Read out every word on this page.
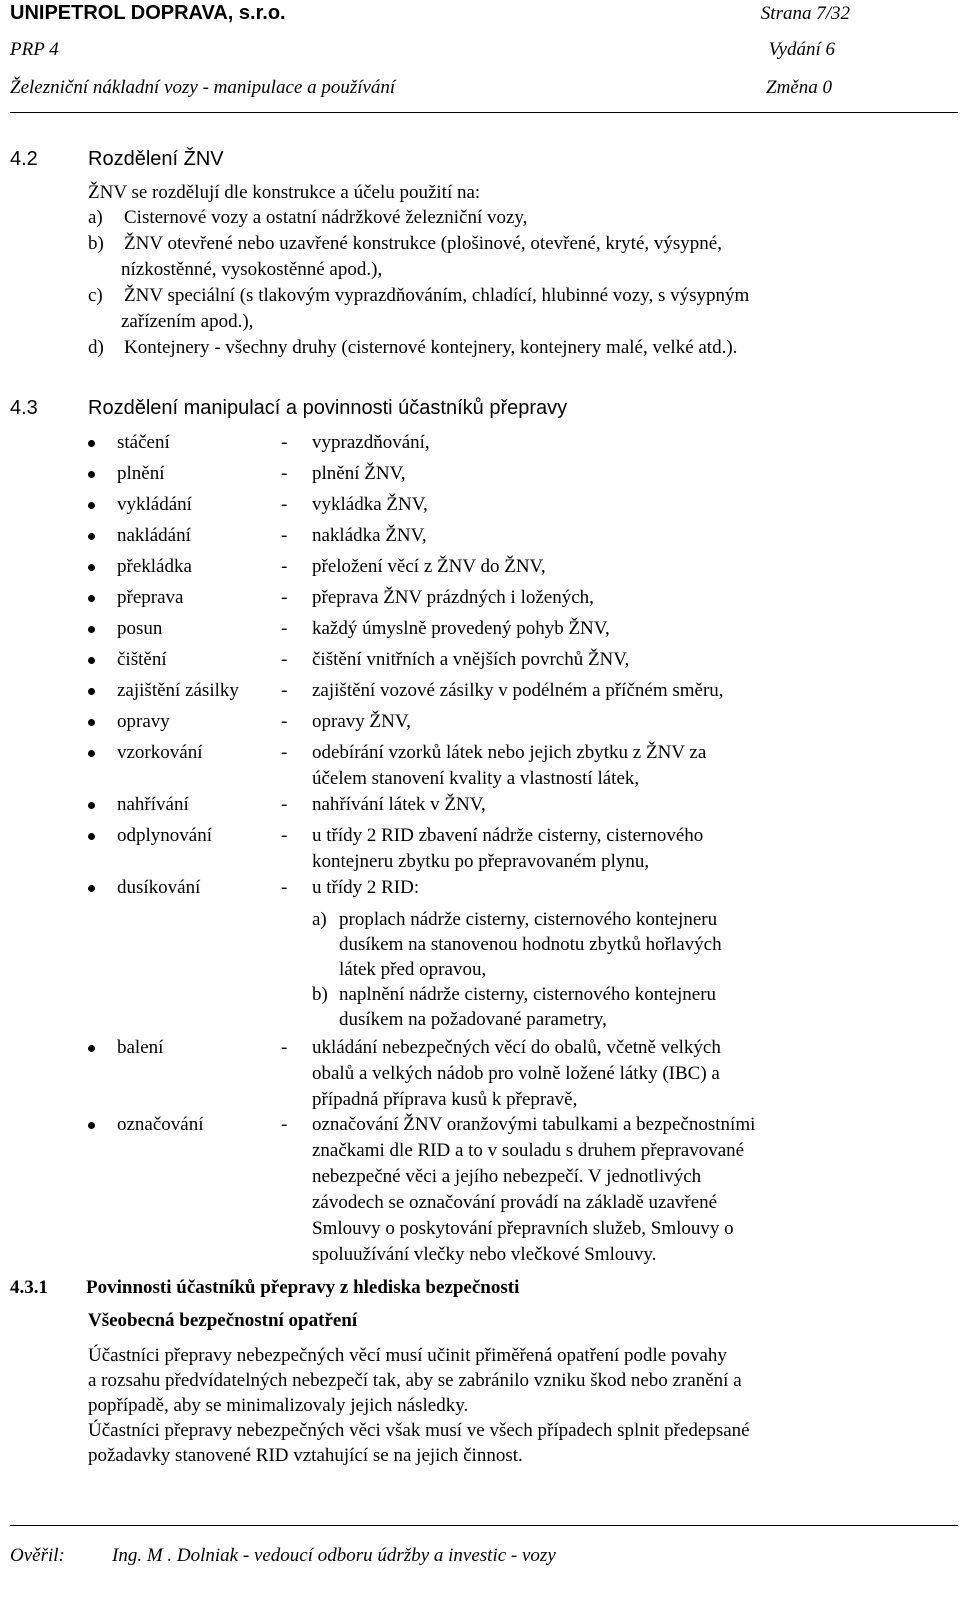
UNIPETROL DOPRAVA, s.r.o.	Strana 7/32
PRP 4	Vydání 6
Železniční nákladní vozy - manipulace a používání	Změna 0
4.2	Rozdělení ŽNV
ŽNV se rozdělují dle konstrukce a účelu použití na:
a) Cisternové vozy a ostatní nádržkové železniční vozy,
b) ŽNV otevřené nebo uzavřené konstrukce (plošinové, otevřené, kryté, výsypné,
nízkostěnné, vysokostěnné apod.),
c) ŽNV speciální (s tlakovým vyprazdňováním, chladící, hlubinné vozy, s výsypným
zařízením apod.),
d) Kontejnery - všechny druhy (cisternové kontejnery, kontejnery malé, velké atd.).
4.3	Rozdělení manipulací a povinnosti účastníků přepravy
stáčení	- vyprazdňování,
plnění	- plnění ŽNV,
vykládání	- vykládka ŽNV,
nakládání	- nakládka ŽNV,
překládka	- přeložení věcí z ŽNV do ŽNV,
přeprava	- přeprava ŽNV prázdných i ložených,
posun	- každý úmyslně provedený pohyb ŽNV,
čištění	- čištění vnitřních a vnějších povrchů ŽNV,
zajištění zásilky - zajištění vozové zásilky v podélném a příčném směru,
opravy	- opravy ŽNV,
vzorkování	- odebírání vzorků látek nebo jejich zbytku z ŽNV za
účelem stanovení kvality a vlastností látek,
nahřívání	- nahřívání látek v ŽNV,
odplynování	- u třídy 2 RID zbavení nádrže cisterny, cisternového
kontejneru zbytku po přepravovaném plynu,
dusíkování	- u třídy 2 RID:
a) proplach nádrže cisterny, cisternového kontejneru
dusíkem na stanovenou hodnotu zbytků hořlavých
látek před opravou,
b) naplnění nádrže cisterny, cisternového kontejneru
dusíkem na požadované parametry,
balení	- ukládání nebezpečných věcí do obalů, včetně velkých
obalů a velkých nádob pro volně ložené látky (IBC) a
případná příprava kusů k přepravě,
označování	- označování ŽNV oranžovými tabulkami a bezpečnostními
značkami dle RID a to v souladu s druhem přepravované
nebezpečné věci a jejího nebezpečí. V jednotlivých
závodech se označování provádí na základě uzavřené
Smlouvy o poskytování přepravních služeb, Smlouvy o
spoluužívání vlečky nebo vlečkové Smlouvy.
4.3.1 Povinnosti účastníků přepravy z hlediska bezpečnosti
Všeobecná bezpečnostní opatření
Účastníci přepravy nebezpečných věcí musí učinit přiměřená opatření podle povahy
a rozsahu předvídatelných nebezpečí tak, aby se zabránilo vzniku škod nebo zranění a
popřípadě, aby se minimalizovaly jejich následky.
Účastníci přepravy nebezpečných věci však musí ve všech případech splnit předepsané
požadavky stanovené RID vztahující se na jejich činnost.
Ověřil: Ing. M . Dolniak - vedoucí odboru údržby a investic - vozy
